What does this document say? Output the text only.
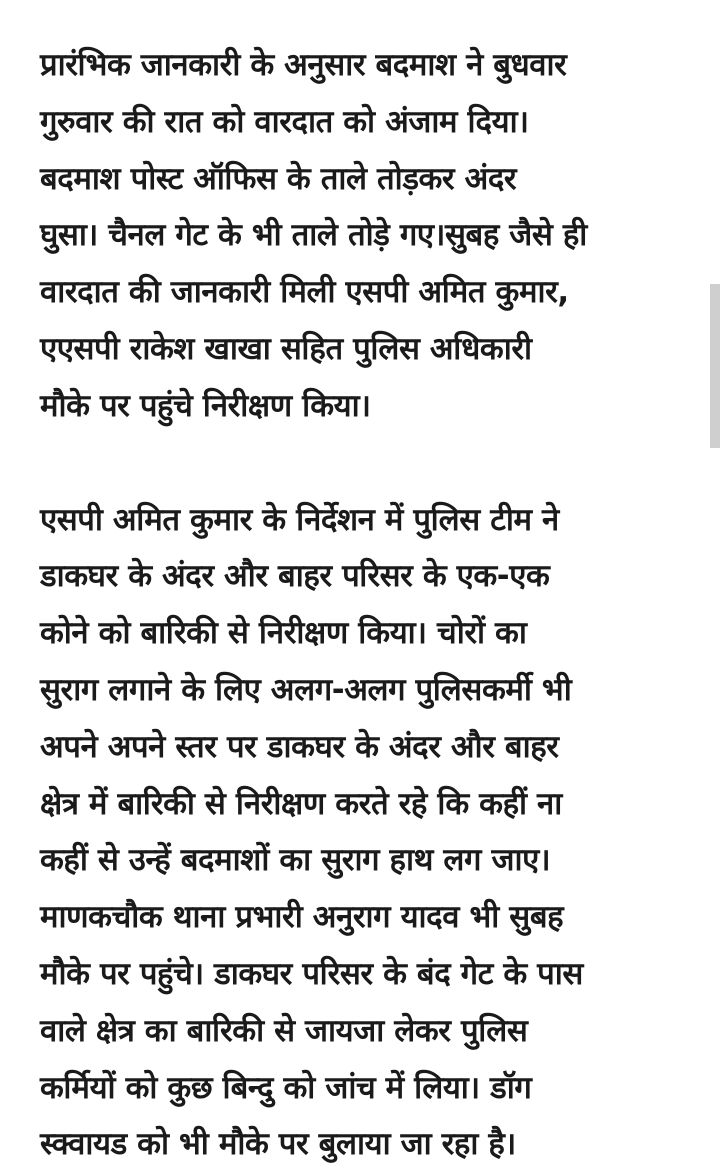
प्रारंभिक जानकारी के अनुसार बदमाश ने बुधवार
गुरुवार की रात को वारदात को अंजाम दिया।
बदमाश पोस्ट ऑफिस के ताले तोड़कर अंदर
घुसा। चैनल गेट के भी ताले तोड़े गए।सुबह जैसे ही
वारदात की जानकारी मिली एसपी अमित कुमार,
एएसपी राकेश खाखा सहित पुलिस अधिकारी
मौके पर पहुंचे निरीक्षण किया।

एसपी अमित कुमार के निर्देशन में पुलिस टीम ने
डाकघर के अंदर और बाहर परिसर के एक-एक
कोने को बारिकी से निरीक्षण किया। चोरों का
सुराग लगाने के लिए अलग-अलग पुलिसकर्मी भी
अपने अपने स्तर पर डाकघर के अंदर और बाहर
क्षेत्र में बारिकी से निरीक्षण करते रहे कि कहीं ना
कहीं से उन्हें बदमाशों का सुराग हाथ लग जाए।
माणकचौक थाना प्रभारी अनुराग यादव भी सुबह
मौके पर पहुंचे। डाकघर परिसर के बंद गेट के पास
वाले क्षेत्र का बारिकी से जायजा लेकर पुलिस
कर्मियों को कुछ बिन्दु को जांच में लिया। डॉग
स्क्वायड को भी मौके पर बुलाया जा रहा है।
